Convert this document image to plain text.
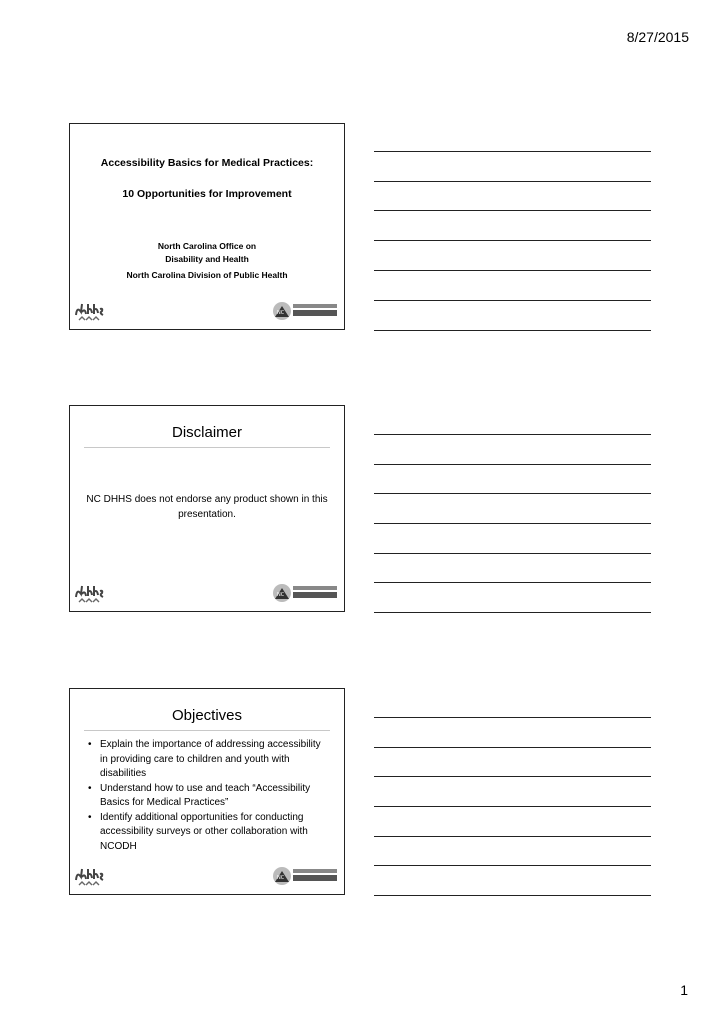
8/27/2015
Accessibility Basics for Medical Practices:
10 Opportunities for Improvement
North Carolina Office on
Disability and Health
North Carolina Division of Public Health
NC
Disclaimer
NC DHHS does not endorse any product shown in this presentation.
NC
Objectives
• Explain the importance of addressing accessibility in providing care to children and youth with disabilities
• Understand how to use and teach “Accessibility Basics for Medical Practices”
• Identify additional opportunities for conducting accessibility surveys or other collaboration with NCODH
NC
1
